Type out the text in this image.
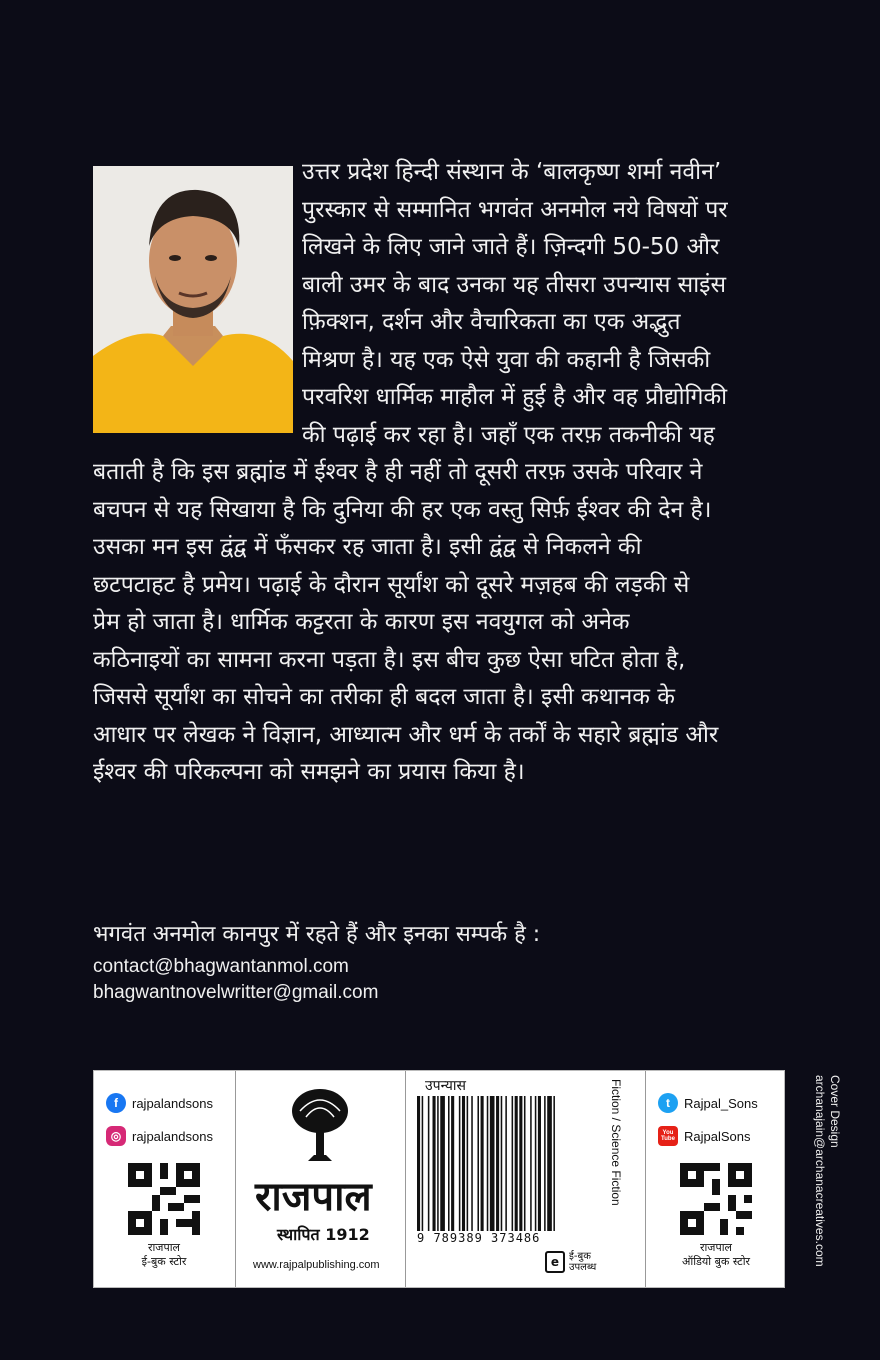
उत्तर प्रदेश हिन्दी संस्थान के ‘बालकृष्ण शर्मा नवीन’
पुरस्कार से सम्मानित भगवंत अनमोल नये विषयों पर
लिखने के लिए जाने जाते हैं। ज़िन्दगी 50-50 और
बाली उमर के बाद उनका यह तीसरा उपन्यास साइंस
फ़िक्शन, दर्शन और वैचारिकता का एक अद्भुत
मिश्रण है। यह एक ऐसे युवा की कहानी है जिसकी
परवरिश धार्मिक माहौल में हुई है और वह प्रौद्योगिकी
की पढ़ाई कर रहा है। जहाँ एक तरफ़ तकनीकी यह
बताती है कि इस ब्रह्मांड में ईश्वर है ही नहीं तो दूसरी तरफ़ उसके परिवार ने
बचपन से यह सिखाया है कि दुनिया की हर एक वस्तु सिर्फ़ ईश्वर की देन है।
उसका मन इस द्वंद्व में फँसकर रह जाता है। इसी द्वंद्व से निकलने की
छटपटाहट है प्रमेय। पढ़ाई के दौरान सूर्यांश को दूसरे मज़हब की लड़की से
प्रेम हो जाता है। धार्मिक कट्टरता के कारण इस नवयुगल को अनेक
कठिनाइयों का सामना करना पड़ता है। इस बीच कुछ ऐसा घटित होता है,
जिससे सूर्यांश का सोचने का तरीका ही बदल जाता है। इसी कथानक के
आधार पर लेखक ने विज्ञान, आध्यात्म और धर्म के तर्कों के सहारे ब्रह्मांड और
ईश्वर की परिकल्पना को समझने का प्रयास किया है।
भगवंत अनमोल कानपुर में रहते हैं और इनका सम्पर्क है :
contact@bhagwantanmol.com
bhagwantnovelwritter@gmail.com
Cover Design
archanajain@archanacreatives.com
f	rajpalandsons
◎ rajpalandsons
राजपाल
ई-बुक स्टोर
राजपाल
स्थापित 1912
www.rajpalpublishing.com
उपन्यास
9 789389 373486
Fiction / Science Fiction
e ई-बुक
उपलब्ध
t	Rajpal_Sons
You Tube RajpalSons
राजपाल
ऑडियो बुक स्टोर
